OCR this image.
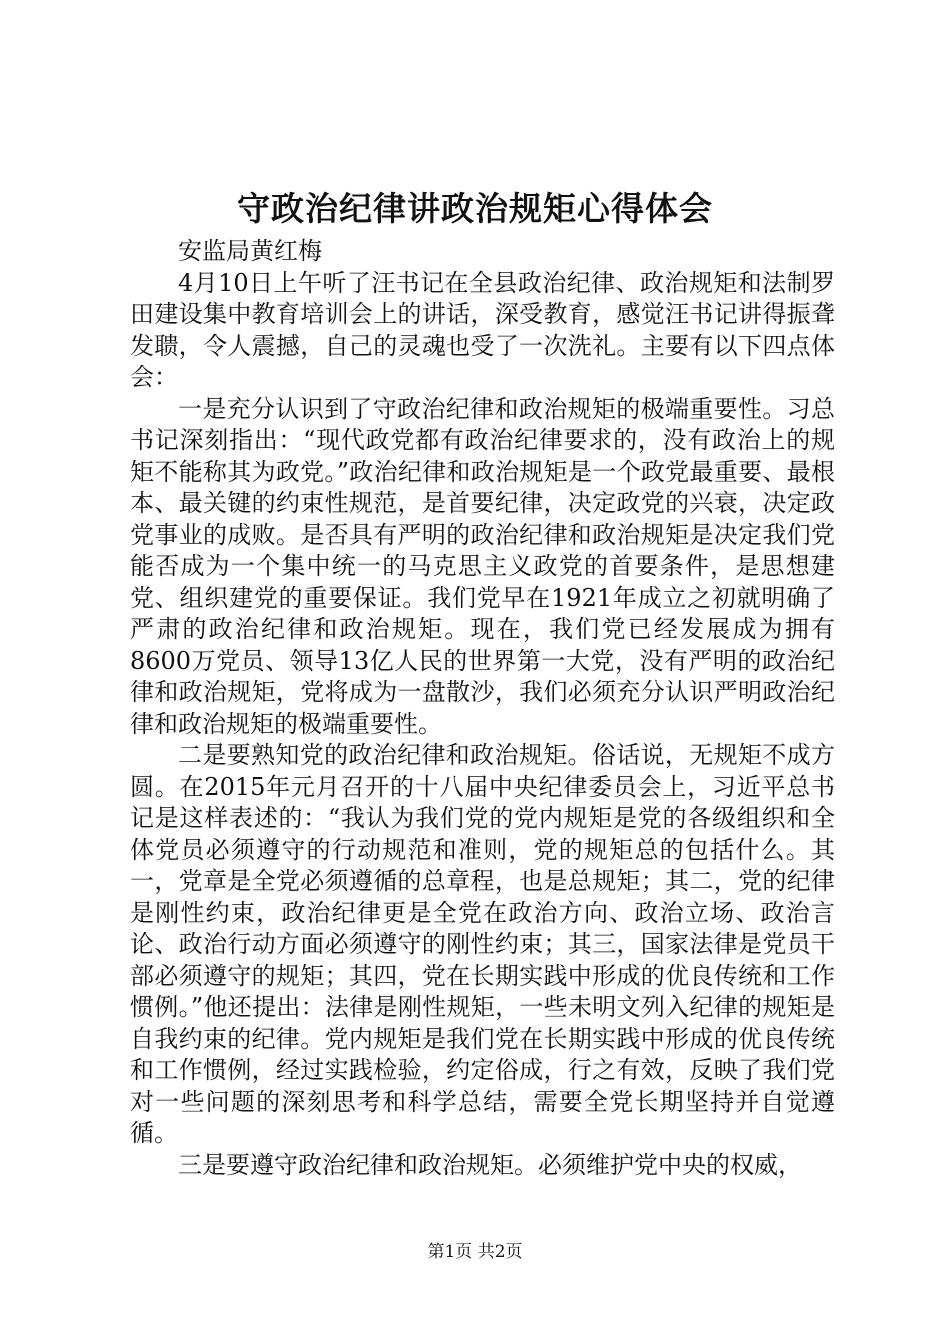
守政治纪律讲政治规矩心得体会

安监局黄红梅

4月10日上午听了汪书记在全县政治纪律、政治规矩和法制罗田建设集中教育培训会上的讲话，深受教育，感觉汪书记讲得振聋发聩，令人震撼，自己的灵魂也受了一次洗礼。主要有以下四点体会：

一是充分认识到了守政治纪律和政治规矩的极端重要性。习总书记深刻指出：“现代政党都有政治纪律要求的，没有政治上的规矩不能称其为政党。”政治纪律和政治规矩是一个政党最重要、最根本、最关键的约束性规范，是首要纪律，决定政党的兴衰，决定政党事业的成败。是否具有严明的政治纪律和政治规矩是决定我们党能否成为一个集中统一的马克思主义政党的首要条件，是思想建党、组织建党的重要保证。我们党早在1921年成立之初就明确了严肃的政治纪律和政治规矩。现在，我们党已经发展成为拥有8600万党员、领导13亿人民的世界第一大党，没有严明的政治纪律和政治规矩，党将成为一盘散沙，我们必须充分认识严明政治纪律和政治规矩的极端重要性。

二是要熟知党的政治纪律和政治规矩。俗话说，无规矩不成方圆。在2015年元月召开的十八届中央纪律委员会上，习近平总书记是这样表述的：“我认为我们党的党内规矩是党的各级组织和全体党员必须遵守的行动规范和准则，党的规矩总的包括什么。其一，党章是全党必须遵循的总章程，也是总规矩；其二，党的纪律是刚性约束，政治纪律更是全党在政治方向、政治立场、政治言论、政治行动方面必须遵守的刚性约束；其三，国家法律是党员干部必须遵守的规矩；其四，党在长期实践中形成的优良传统和工作惯例。”他还提出：法律是刚性规矩，一些未明文列入纪律的规矩是自我约束的纪律。党内规矩是我们党在长期实践中形成的优良传统和工作惯例，经过实践检验，约定俗成，行之有效，反映了我们党对一些问题的深刻思考和科学总结，需要全党长期坚持并自觉遵循。

三是要遵守政治纪律和政治规矩。必须维护党中央的权威，

第1页 共2页
